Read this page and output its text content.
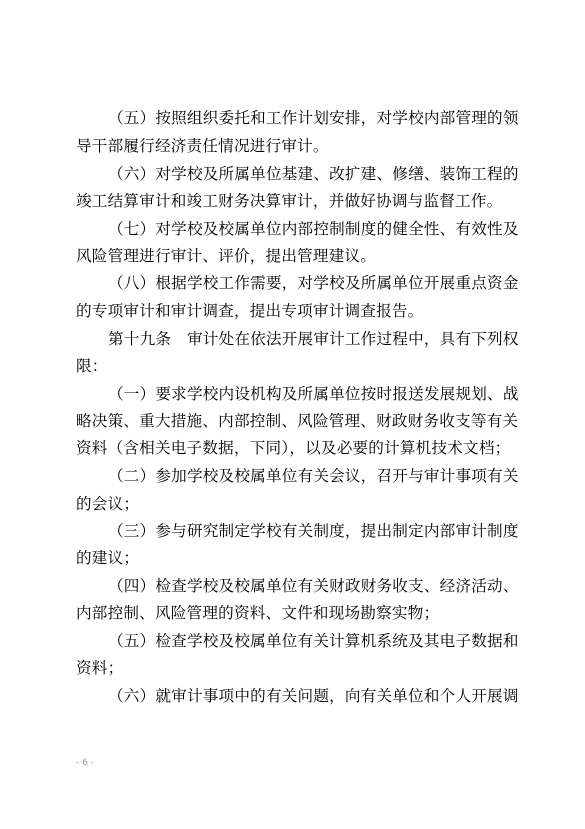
（五）按照组织委托和工作计划安排，对学校内部管理的领
导干部履行经济责任情况进行审计。
（六）对学校及所属单位基建、改扩建、修缮、装饰工程的
竣工结算审计和竣工财务决算审计，并做好协调与监督工作。
（七）对学校及校属单位内部控制制度的健全性、有效性及
风险管理进行审计、评价，提出管理建议。
（八）根据学校工作需要，对学校及所属单位开展重点资金
的专项审计和审计调查，提出专项审计调查报告。
第十九条　审计处在依法开展审计工作过程中，具有下列权
限：
（一）要求学校内设机构及所属单位按时报送发展规划、战
略决策、重大措施、内部控制、风险管理、财政财务收支等有关
资料（含相关电子数据，下同），以及必要的计算机技术文档；
（二）参加学校及校属单位有关会议，召开与审计事项有关
的会议；
（三）参与研究制定学校有关制度，提出制定内部审计制度
的建议；
（四）检查学校及校属单位有关财政财务收支、经济活动、
内部控制、风险管理的资料、文件和现场勘察实物；
（五）检查学校及校属单位有关计算机系统及其电子数据和
资料；
（六）就审计事项中的有关问题，向有关单位和个人开展调
- 6 -
